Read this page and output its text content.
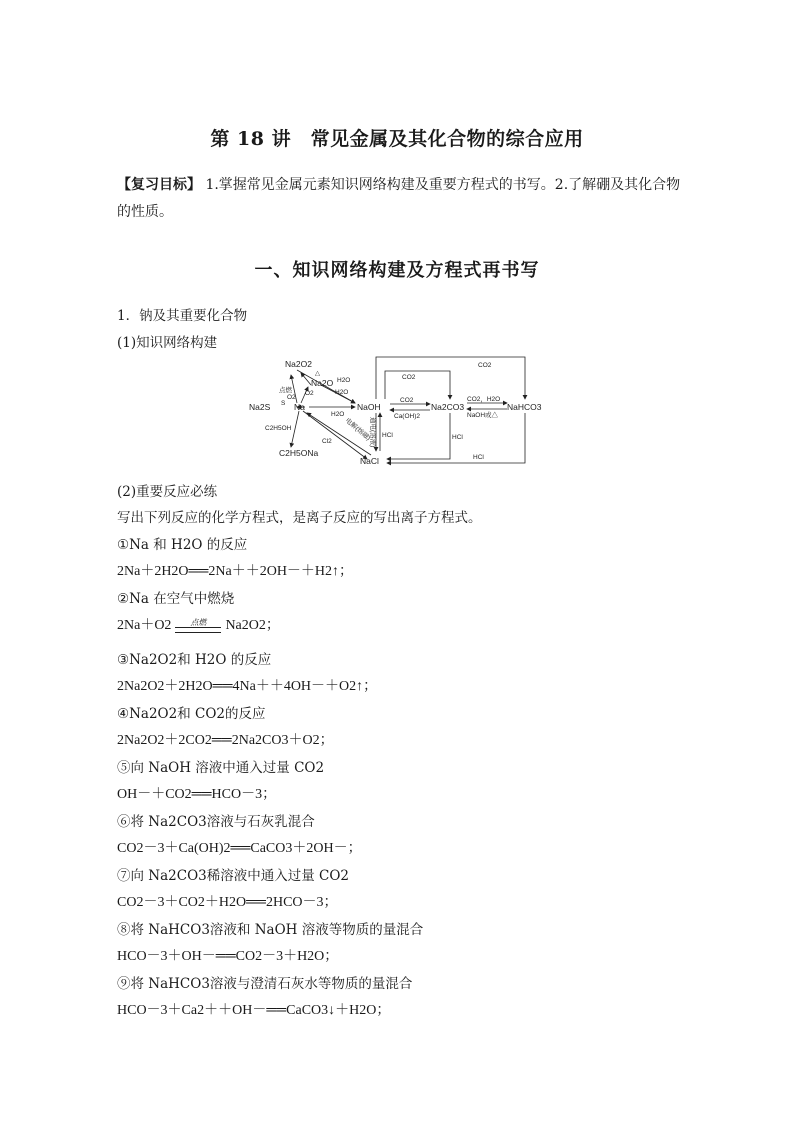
第 18 讲　常见金属及其化合物的综合应用
【复习目标】 1.掌握常见金属元素知识网络构建及重要方程式的书写。2.了解硼及其化合物的性质。
一、知识网络构建及方程式再书写
1．钠及其重要化合物
(1)知识网络构建
Na2O2
Na2O
Na
Na2S	NaOH	Na2CO3	NaHCO3
NaCl
C2H5ONa
点燃
O2
O2
△
H2O
H2O
H2O
S
C2H5OH
Cl2
CO2
CO2
CO2
Ca(OH)2
CO2，H2O
NaOH或△
HCl	HCl
HCl
电解(熔融)
通电(溶液)
(2)重要反应必练
写出下列反应的化学方程式，是离子反应的写出离子方程式。
①Na 和 H2O 的反应
2Na＋2H2O══2Na＋＋2OH－＋H2↑；
②Na 在空气中燃烧
2Na＋O2	点燃	Na2O2；
③Na2O2和 H2O 的反应
2Na2O2＋2H2O══4Na＋＋4OH－＋O2↑；
④Na2O2和 CO2的反应
2Na2O2＋2CO2══2Na2CO3＋O2；
⑤向 NaOH 溶液中通入过量 CO2
OH－＋CO2══HCO－3；
⑥将 Na2CO3溶液与石灰乳混合
CO2－3＋Ca(OH)2══CaCO3＋2OH－；
⑦向 Na2CO3稀溶液中通入过量 CO2
CO2－3＋CO2＋H2O══2HCO－3；
⑧将 NaHCO3溶液和 NaOH 溶液等物质的量混合
HCO－3＋OH－══CO2－3＋H2O；
⑨将 NaHCO3溶液与澄清石灰水等物质的量混合
HCO－3＋Ca2＋＋OH－══CaCO3↓＋H2O；
